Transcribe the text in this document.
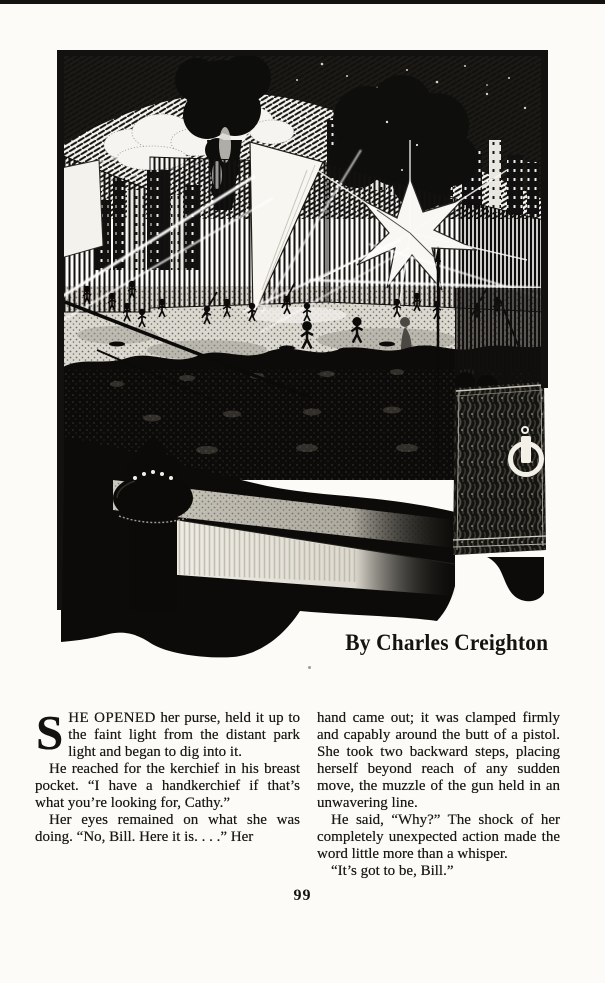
By Charles Creighton

SHE OPENED her purse, held it up to the faint light from the distant park light and began to dig into it.

He reached for the kerchief in his breast pocket. “I have a handkerchief if that’s what you’re looking for, Cathy.”

Her eyes remained on what she was doing. “No, Bill. Here it is. . . .” Her

hand came out; it was clamped firmly and capably around the butt of a pistol. She took two backward steps, placing herself beyond reach of any sudden move, the muzzle of the gun held in an unwavering line.

He said, “Why?” The shock of her completely unexpected action made the word little more than a whisper.

“It’s got to be, Bill.”

99
